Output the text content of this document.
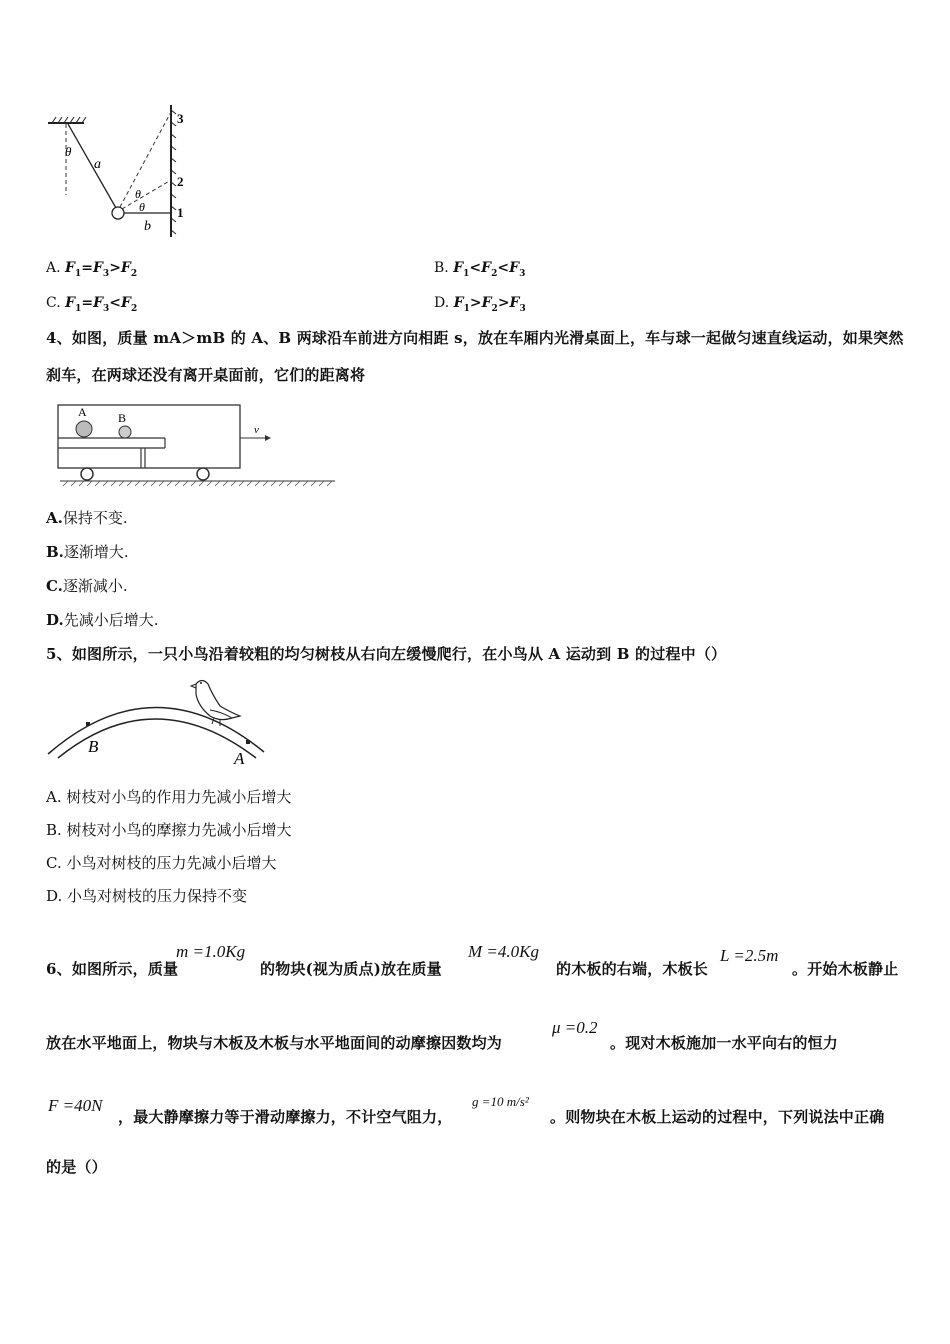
θ
a
θ
θ
b
3
2
1
A. $F_1=F_3>F_2$	B. $F_1<F_2<F_3$
C. $F_1=F_3<F_2$	D. $F_1>F_2>F_3$
4、如图，质量 mA＞mB 的 A、B 两球沿车前进方向相距 s，放在车厢内光滑桌面上，车与球一起做匀速直线运动，如果突然
刹车，在两球还没有离开桌面前，它们的距离将
A	B
v
A.保持不变.
B.逐渐增大.
C.逐渐减小.
D.先减小后增大.
5、如图所示，一只小鸟沿着较粗的均匀树枝从右向左缓慢爬行，在小鸟从 A 运动到 B 的过程中（）
B
A
A. 树枝对小鸟的作用力先减小后增大
B. 树枝对小鸟的摩擦力先减小后增大
C. 小鸟对树枝的压力先减小后增大
D. 小鸟对树枝的压力保持不变
6、如图所示，质量
m =1.0Kg
的物块(视为质点)放在质量
M =4.0Kg
的木板的右端，木板长
L =2.5m
。开始木板静止
放在水平地面上，物块与木板及木板与水平地面间的动摩擦因数均为
μ =0.2
。现对木板施加一水平向右的恒力
F =40N
，最大静摩擦力等于滑动摩擦力，不计空气阻力，
g =10 m/s²
。则物块在木板上运动的过程中，下列说法中正确
的是（）
